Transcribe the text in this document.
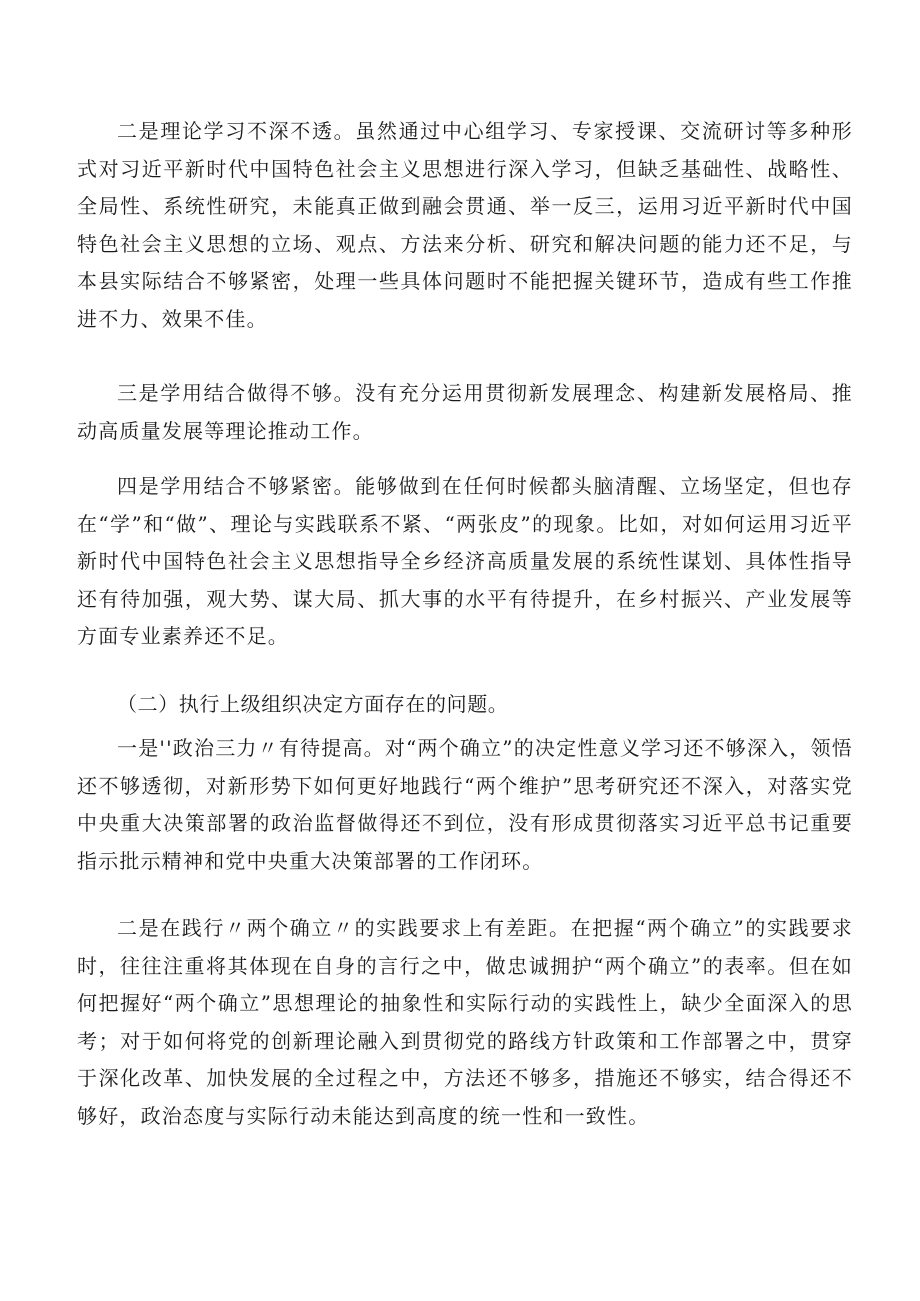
二是理论学习不深不透。虽然通过中心组学习、专家授课、交流研讨等多种形式对习近平新时代中国特色社会主义思想进行深入学习，但缺乏基础性、战略性、全局性、系统性研究，未能真正做到融会贯通、举一反三，运用习近平新时代中国特色社会主义思想的立场、观点、方法来分析、研究和解决问题的能力还不足，与本县实际结合不够紧密，处理一些具体问题时不能把握关键环节，造成有些工作推进不力、效果不佳。

三是学用结合做得不够。没有充分运用贯彻新发展理念、构建新发展格局、推动高质量发展等理论推动工作。

四是学用结合不够紧密。能够做到在任何时候都头脑清醒、立场坚定，但也存在“学”和“做”、理论与实践联系不紧、“两张皮”的现象。比如，对如何运用习近平新时代中国特色社会主义思想指导全乡经济高质量发展的系统性谋划、具体性指导还有待加强，观大势、谋大局、抓大事的水平有待提升，在乡村振兴、产业发展等方面专业素养还不足。

（二）执行上级组织决定方面存在的问题。

一是''政治三力〃有待提高。对“两个确立”的决定性意义学习还不够深入，领悟还不够透彻，对新形势下如何更好地践行“两个维护”思考研究还不深入，对落实党中央重大决策部署的政治监督做得还不到位，没有形成贯彻落实习近平总书记重要指示批示精神和党中央重大决策部署的工作闭环。

二是在践行〃两个确立〃的实践要求上有差距。在把握“两个确立”的实践要求时，往往注重将其体现在自身的言行之中，做忠诚拥护“两个确立”的表率。但在如何把握好“两个确立”思想理论的抽象性和实际行动的实践性上，缺少全面深入的思考；对于如何将党的创新理论融入到贯彻党的路线方针政策和工作部署之中，贯穿于深化改革、加快发展的全过程之中，方法还不够多，措施还不够实，结合得还不够好，政治态度与实际行动未能达到高度的统一性和一致性。
